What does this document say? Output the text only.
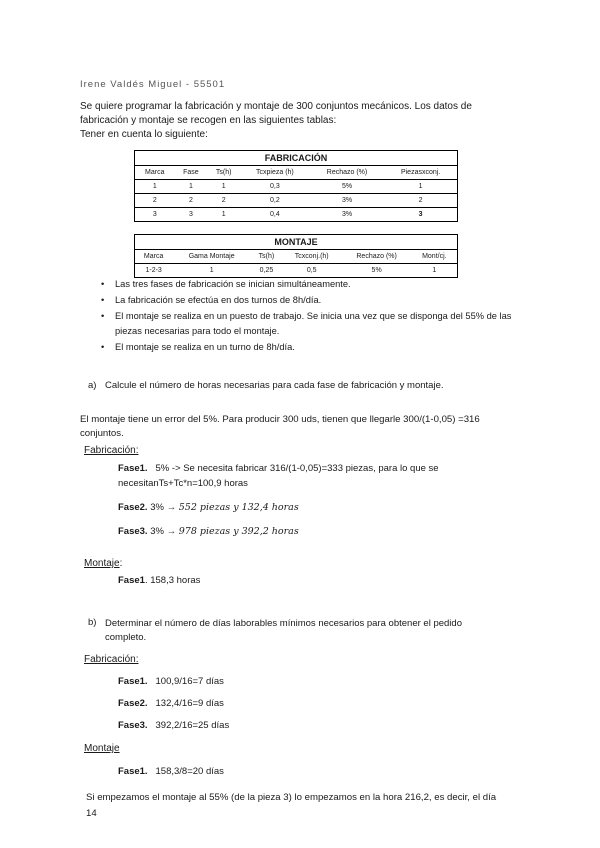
Irene Valdés Miguel - 55501
Se quiere programar la fabricación y montaje de 300 conjuntos mecánicos. Los datos de
fabricación y montaje se recogen en las siguientes tablas:
Tener en cuenta lo siguiente:
FABRICACIÓN					
Marca	Fase	Ts(h)	Tcxpieza (h)	Rechazo (%)	Piezasxconj.
1	1	1	0,3	5%	1
2	2	2	0,2	3%	2
3	3	1	0,4	3%	3
MONTAJE					
Marca	Gama Montaje	Ts(h)	Tcxconj.(h)	Rechazo (%)	Mont/cj.
1-2-3	1	0,25	0,5	5%	1
• Las tres fases de fabricación se inician simultáneamente.
• La fabricación se efectúa en dos turnos de 8h/día.
• El montaje se realiza en un puesto de trabajo. Se inicia una vez que se disponga del 55% de las piezas necesarias para todo el montaje.
• El montaje se realiza en un turno de 8h/día.
a) Calcule el número de horas necesarias para cada fase de fabricación y montaje.
El montaje tiene un error del 5%. Para producir 300 uds, tienen que llegarle 300/(1-0,05) =316
conjuntos.
Fabricación:
Fase1. 5% -> Se necesita fabricar 316/(1-0,05)=333 piezas, para lo que se
necesitanTs+Tc*n=100,9 horas
Fase2. 3% → 552 piezas y 132,4 horas
Fase3. 3% → 978 piezas y 392,2 horas
Montaje:
Fase1. 158,3 horas
b) Determinar el número de días laborables mínimos necesarios para obtener el pedido
completo.
Fabricación:
Fase1. 100,9/16=7 días
Fase2. 132,4/16=9 días
Fase3. 392,2/16=25 días
Montaje
Fase1. 158,3/8=20 días
Si empezamos el montaje al 55% (de la pieza 3) lo empezamos en la hora 216,2, es decir, el día
14
